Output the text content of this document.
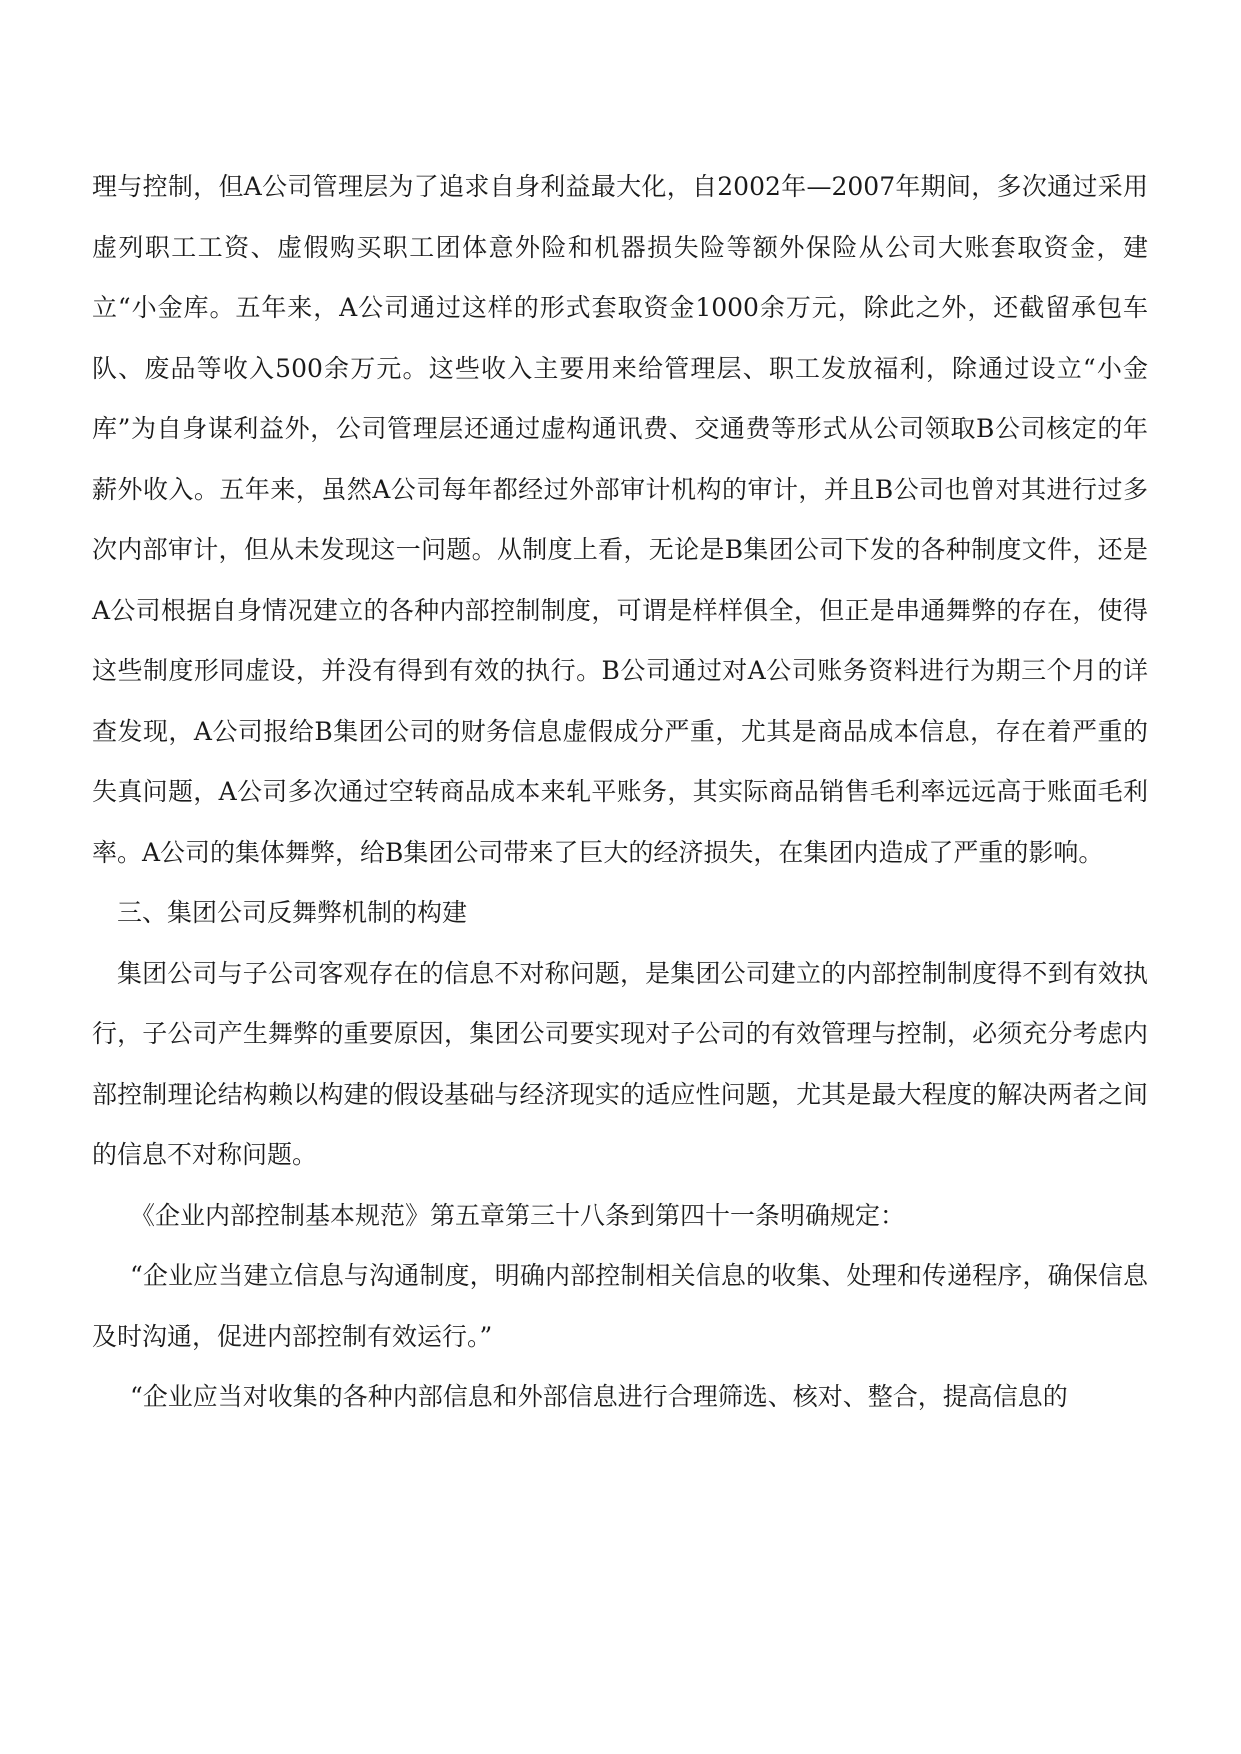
理与控制，但A公司管理层为了追求自身利益最大化，自2002年—2007年期间，多次通过采用虚列职工工资、虚假购买职工团体意外险和机器损失险等额外保险从公司大账套取资金，建立“小金库。五年来，A公司通过这样的形式套取资金1000余万元，除此之外，还截留承包车队、废品等收入500余万元。这些收入主要用来给管理层、职工发放福利，除通过设立“小金库”为自身谋利益外，公司管理层还通过虚构通讯费、交通费等形式从公司领取B公司核定的年薪外收入。五年来，虽然A公司每年都经过外部审计机构的审计，并且B公司也曾对其进行过多次内部审计，但从未发现这一问题。从制度上看，无论是B集团公司下发的各种制度文件，还是A公司根据自身情况建立的各种内部控制制度，可谓是样样俱全，但正是串通舞弊的存在，使得这些制度形同虚设，并没有得到有效的执行。B公司通过对A公司账务资料进行为期三个月的详查发现，A公司报给B集团公司的财务信息虚假成分严重，尤其是商品成本信息，存在着严重的失真问题，A公司多次通过空转商品成本来轧平账务，其实际商品销售毛利率远远高于账面毛利率。A公司的集体舞弊，给B集团公司带来了巨大的经济损失，在集团内造成了严重的影响。

三、集团公司反舞弊机制的构建

集团公司与子公司客观存在的信息不对称问题，是集团公司建立的内部控制制度得不到有效执行，子公司产生舞弊的重要原因，集团公司要实现对子公司的有效管理与控制，必须充分考虑内部控制理论结构赖以构建的假设基础与经济现实的适应性问题，尤其是最大程度的解决两者之间的信息不对称问题。

《企业内部控制基本规范》第五章第三十八条到第四十一条明确规定：

“企业应当建立信息与沟通制度，明确内部控制相关信息的收集、处理和传递程序，确保信息及时沟通，促进内部控制有效运行。”

“企业应当对收集的各种内部信息和外部信息进行合理筛选、核对、整合，提高信息的
